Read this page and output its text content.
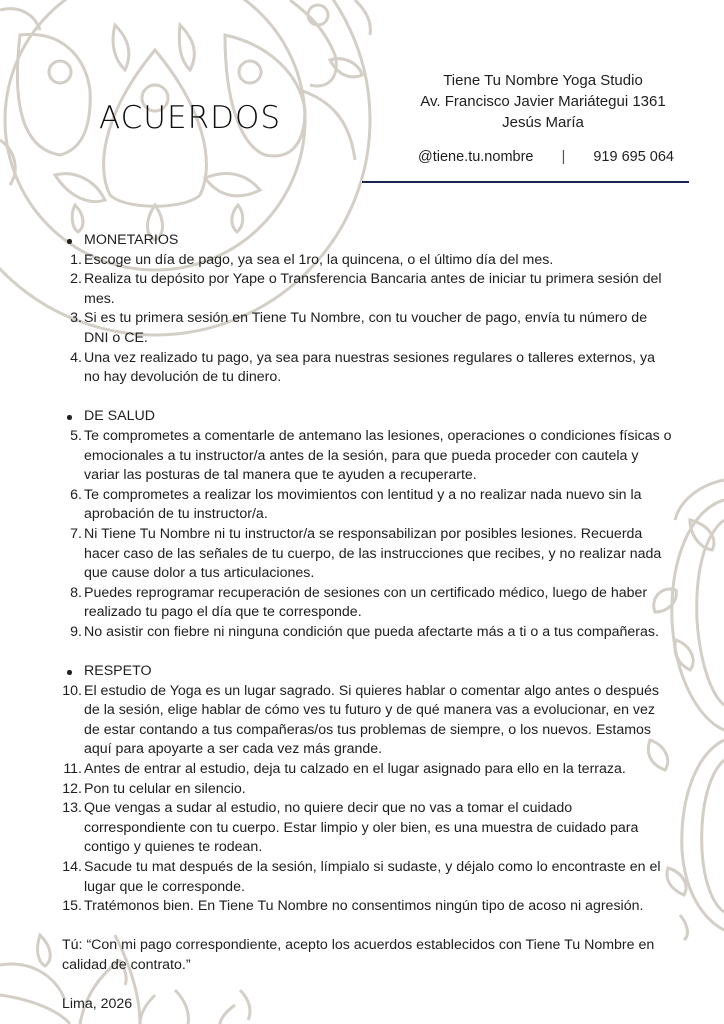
ACUERDOS
Tiene Tu Nombre Yoga Studio
Av. Francisco Javier Mariátegui 1361
Jesús María
@tiene.tu.nombre | 919 695 064
MONETARIOS
1. Escoge un día de pago, ya sea el 1ro, la quincena, o el último día del mes.
2. Realiza tu depósito por Yape o Transferencia Bancaria antes de iniciar tu primera sesión del mes.
3. Si es tu primera sesión en Tiene Tu Nombre, con tu voucher de pago, envía tu número de DNI o CE.
4. Una vez realizado tu pago, ya sea para nuestras sesiones regulares o talleres externos, ya no hay devolución de tu dinero.
DE SALUD
5. Te comprometes a comentarle de antemano las lesiones, operaciones o condiciones físicas o emocionales a tu instructor/a antes de la sesión, para que pueda proceder con cautela y variar las posturas de tal manera que te ayuden a recuperarte.
6. Te comprometes a realizar los movimientos con lentitud y a no realizar nada nuevo sin la aprobación de tu instructor/a.
7. Ni Tiene Tu Nombre ni tu instructor/a se responsabilizan por posibles lesiones. Recuerda hacer caso de las señales de tu cuerpo, de las instrucciones que recibes, y no realizar nada que cause dolor a tus articulaciones.
8. Puedes reprogramar recuperación de sesiones con un certificado médico, luego de haber realizado tu pago el día que te corresponde.
9. No asistir con fiebre ni ninguna condición que pueda afectarte más a ti o a tus compañeras.
RESPETO
10. El estudio de Yoga es un lugar sagrado. Si quieres hablar o comentar algo antes o después de la sesión, elige hablar de cómo ves tu futuro y de qué manera vas a evolucionar, en vez de estar contando a tus compañeras/os tus problemas de siempre, o los nuevos. Estamos aquí para apoyarte a ser cada vez más grande.
11. Antes de entrar al estudio, deja tu calzado en el lugar asignado para ello en la terraza.
12. Pon tu celular en silencio.
13. Que vengas a sudar al estudio, no quiere decir que no vas a tomar el cuidado correspondiente con tu cuerpo. Estar limpio y oler bien, es una muestra de cuidado para contigo y quienes te rodean.
14. Sacude tu mat después de la sesión, límpialo si sudaste, y déjalo como lo encontraste en el lugar que le corresponde.
15. Tratémonos bien. En Tiene Tu Nombre no consentimos ningún tipo de acoso ni agresión.
Tú: “Con mi pago correspondiente, acepto los acuerdos establecidos con Tiene Tu Nombre en calidad de contrato.”
Lima, 2026
